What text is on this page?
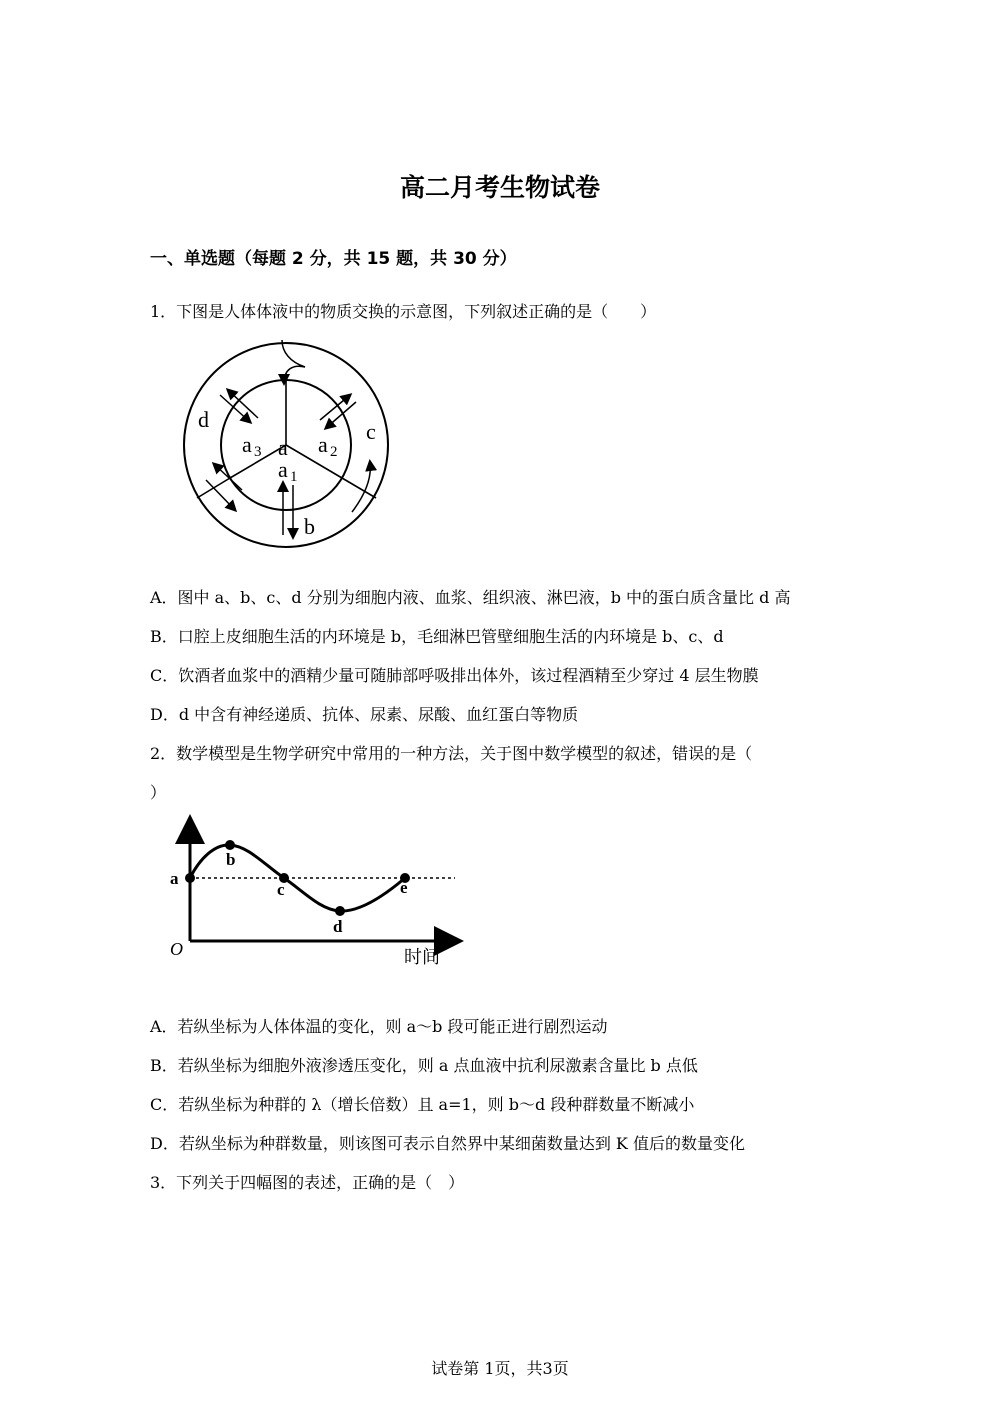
高二月考生物试卷
一、单选题（每题 2 分，共 15 题，共 30 分）
1．下图是人体体液中的物质交换的示意图，下列叙述正确的是（　　）
d	c
a
a 3	a 2
a 1
b
A．图中 a、b、c、d 分别为细胞内液、血浆、组织液、淋巴液，b 中的蛋白质含量比 d 高
B．口腔上皮细胞生活的内环境是 b，毛细淋巴管壁细胞生活的内环境是 b、c、d
C．饮酒者血浆中的酒精少量可随肺部呼吸排出体外，该过程酒精至少穿过 4 层生物膜
D．d 中含有神经递质、抗体、尿素、尿酸、血红蛋白等物质
2．数学模型是生物学研究中常用的一种方法，关于图中数学模型的叙述，错误的是（
）
a
b
c
d
e
O	时间
A．若纵坐标为人体体温的变化，则 a～b 段可能正进行剧烈运动
B．若纵坐标为细胞外液渗透压变化，则 a 点血液中抗利尿激素含量比 b 点低
C．若纵坐标为种群的 λ（增长倍数）且 a=1，则 b～d 段种群数量不断减小
D．若纵坐标为种群数量，则该图可表示自然界中某细菌数量达到 K 值后的数量变化
3．下列关于四幅图的表述，正确的是（　）
试卷第 1页，共3页
